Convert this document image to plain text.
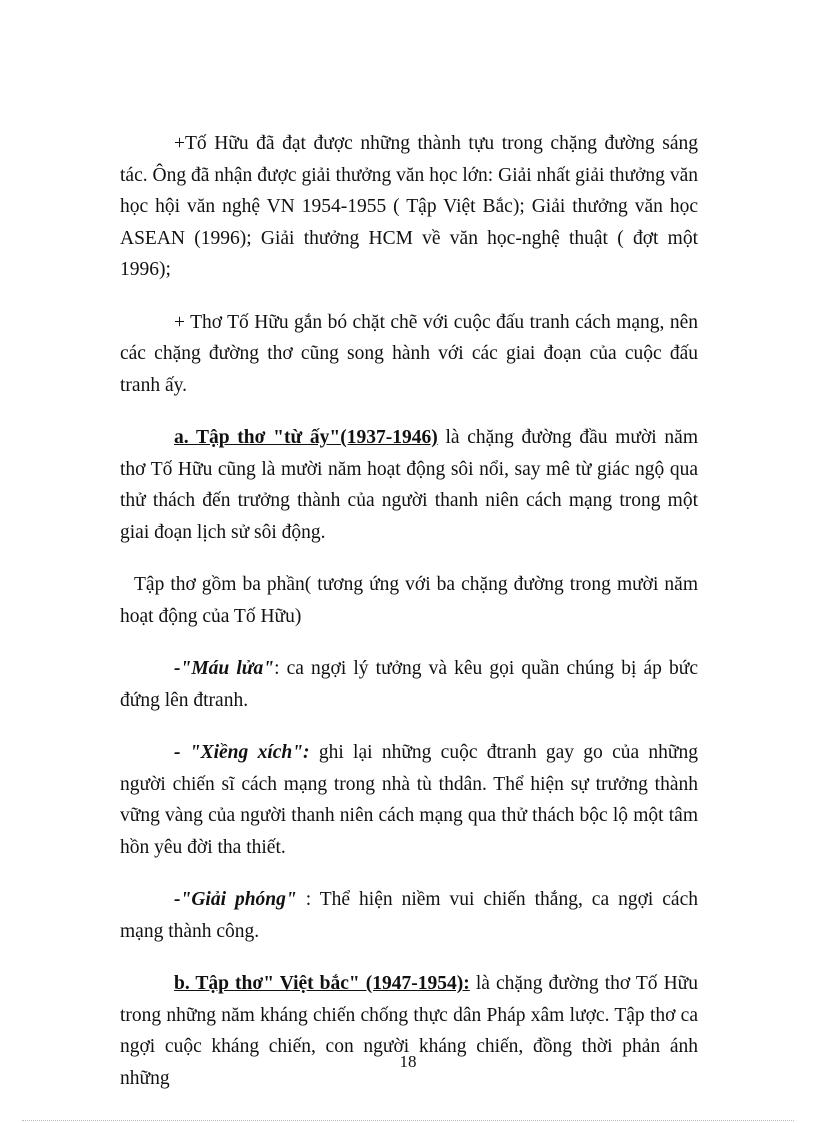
+Tố Hữu đã đạt được những thành tựu trong chặng đường sáng tác. Ông đã nhận được giải thưởng văn học lớn: Giải nhất giải thưởng văn học hội văn nghệ VN 1954-1955 ( Tập Việt Bắc); Giải thưởng văn học ASEAN (1996); Giải thưởng HCM về văn học-nghệ thuật ( đợt một 1996);

+ Thơ Tố Hữu gắn bó chặt chẽ với cuộc đấu tranh cách mạng, nên các chặng đường thơ cũng song hành với các giai đoạn của cuộc đấu tranh ấy.

a. Tập thơ "từ ấy"(1937-1946) là chặng đường đầu mười năm thơ Tố Hữu cũng là mười năm hoạt động sôi nổi, say mê từ giác ngộ qua thử thách đến trưởng thành của người thanh niên cách mạng trong một giai đoạn lịch sử sôi động.

Tập thơ gồm ba phần( tương ứng với ba chặng đường trong mười năm hoạt động của Tố Hữu)

-"Máu lửa": ca ngợi lý tưởng và kêu gọi quần chúng bị áp bức đứng lên đtranh.

- "Xiềng xích": ghi lại những cuộc đtranh gay go của những người chiến sĩ cách mạng trong nhà tù thdân. Thể hiện sự trưởng thành vững vàng của người thanh niên cách mạng qua thử thách bộc lộ một tâm hồn yêu đời tha thiết.

-"Giải phóng" : Thể hiện niềm vui chiến thắng, ca ngợi cách mạng thành công.

b. Tập thơ" Việt bắc" (1947-1954): là chặng đường thơ Tố Hữu trong những năm kháng chiến chống thực dân Pháp xâm lược. Tập thơ ca ngợi cuộc kháng chiến, con người kháng chiến, đồng thời phản ánh những

18
